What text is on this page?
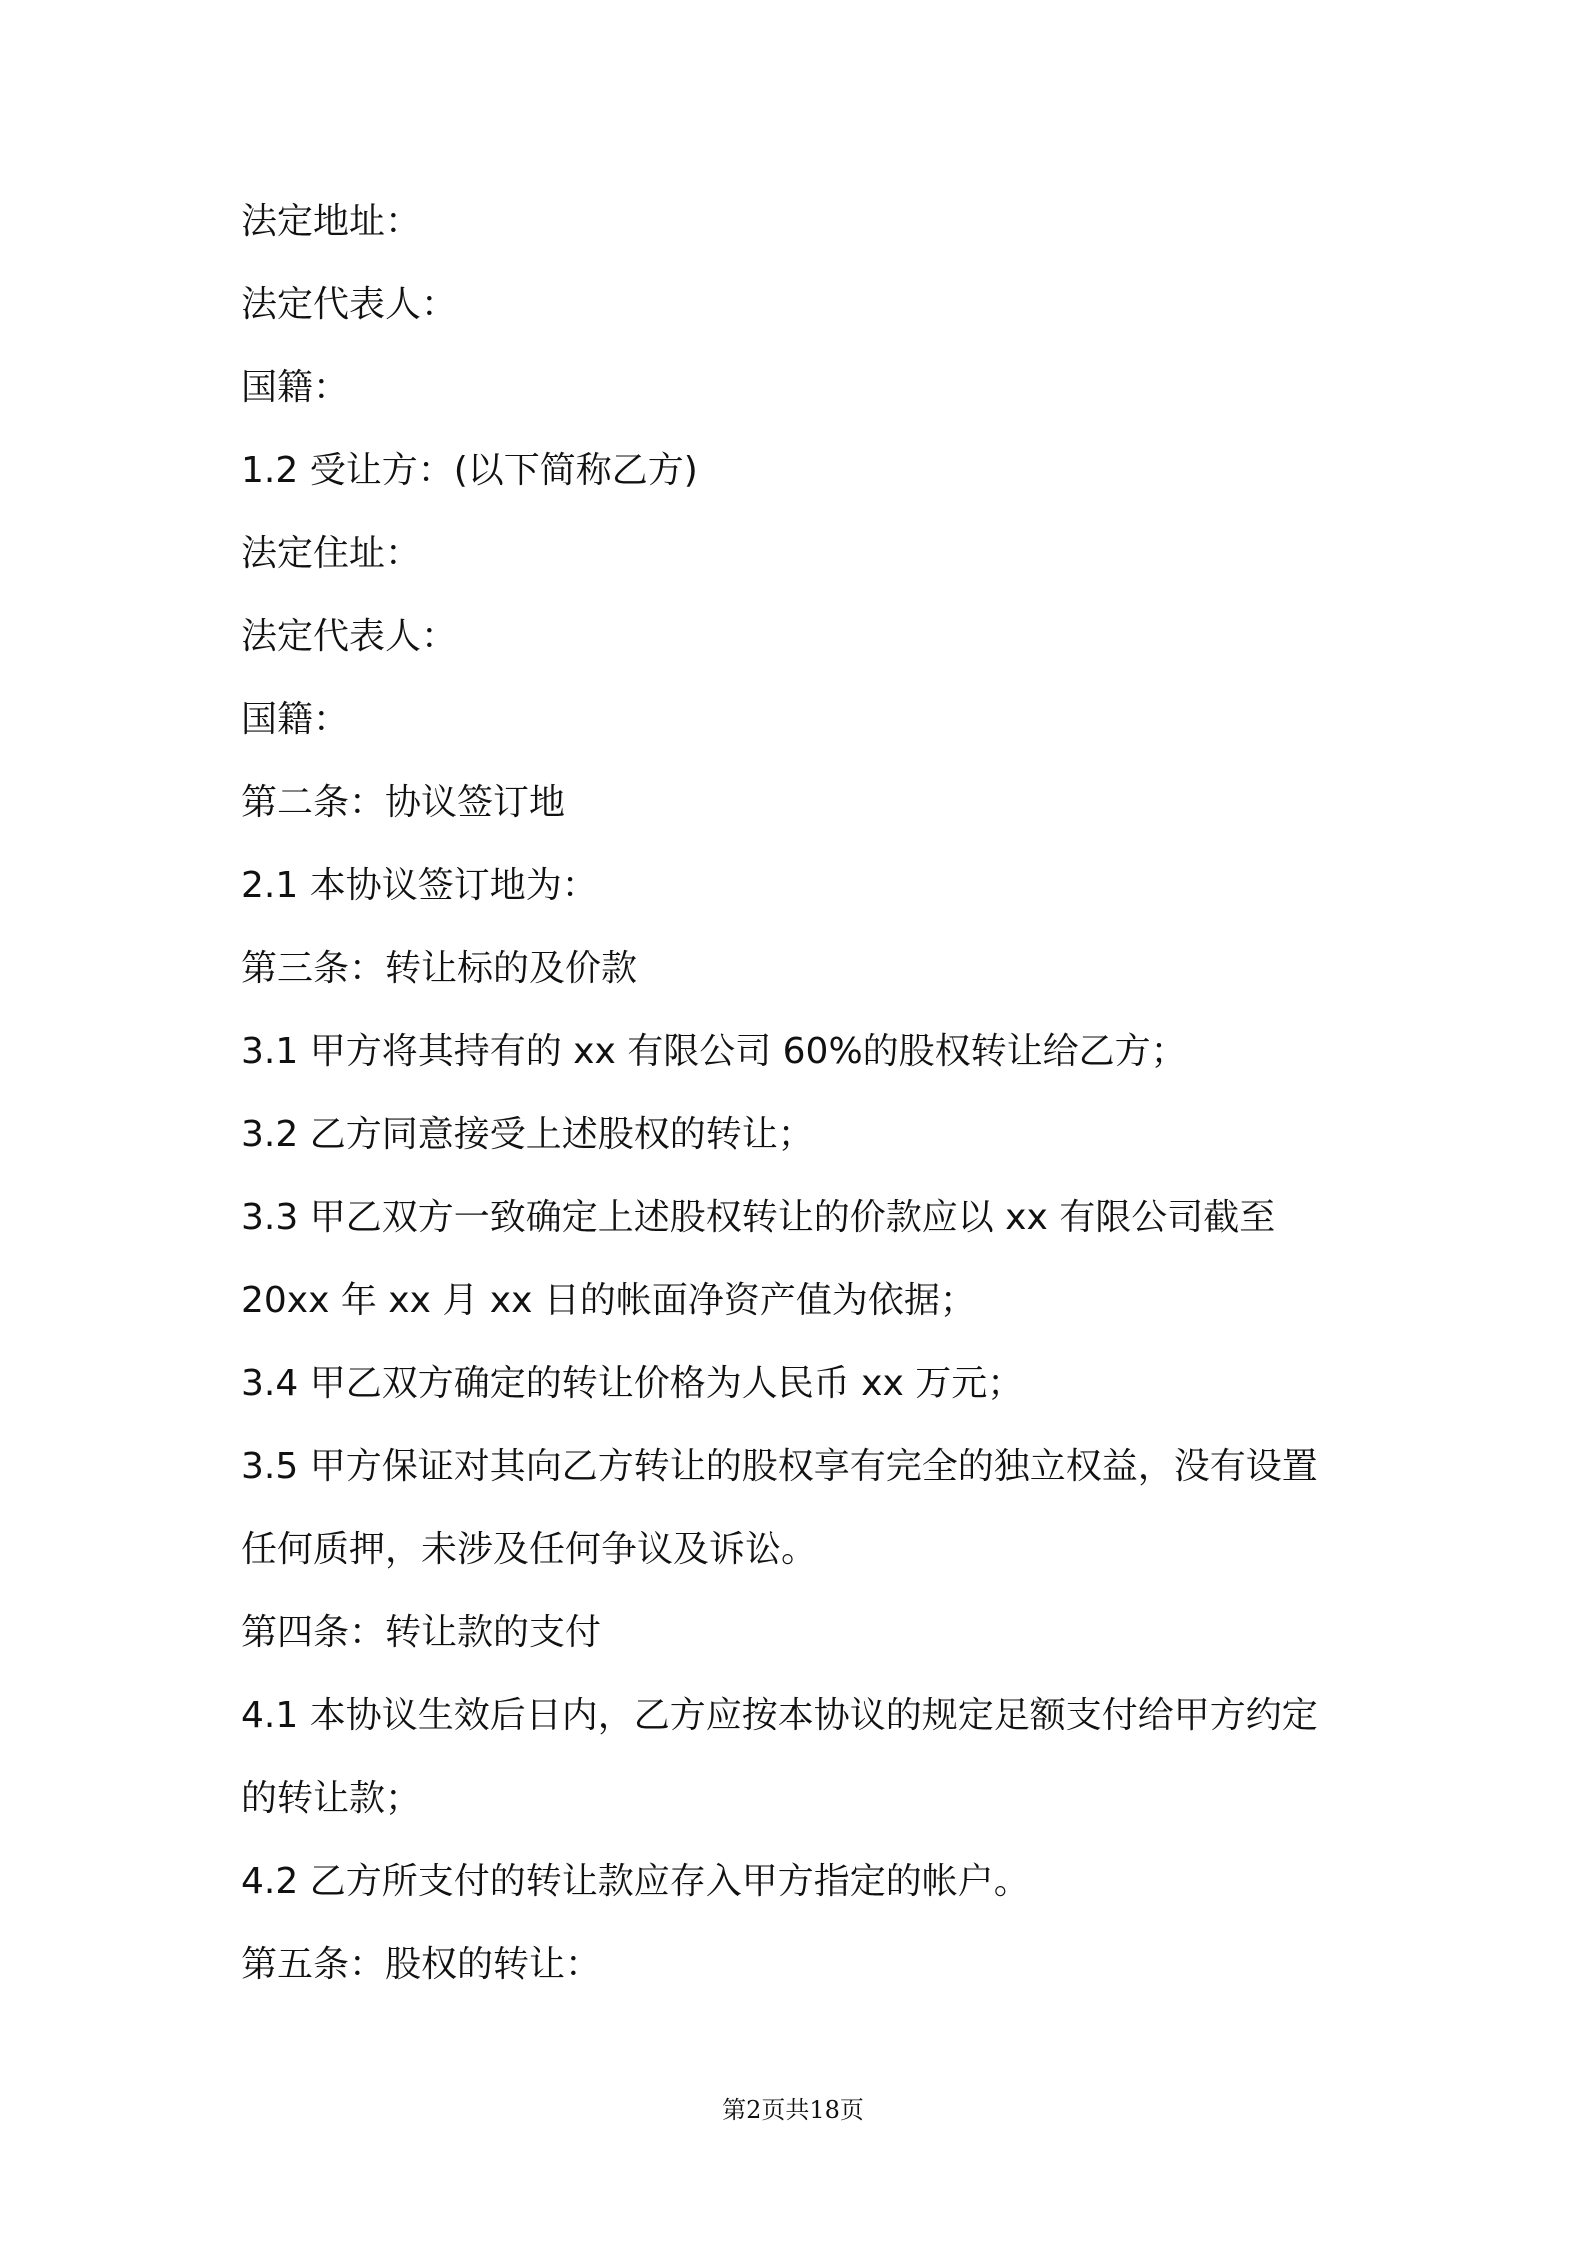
法定地址：

法定代表人：

国籍：

1.2 受让方：(以下简称乙方)

法定住址：

法定代表人：

国籍：

第二条：协议签订地

2.1 本协议签订地为：

第三条：转让标的及价款

3.1 甲方将其持有的 xx 有限公司 60%的股权转让给乙方；

3.2 乙方同意接受上述股权的转让；

3.3 甲乙双方一致确定上述股权转让的价款应以 xx 有限公司截至

20xx 年 xx 月 xx 日的帐面净资产值为依据；

3.4 甲乙双方确定的转让价格为人民币 xx 万元；

3.5 甲方保证对其向乙方转让的股权享有完全的独立权益，没有设置

任何质押，未涉及任何争议及诉讼。

第四条：转让款的支付

4.1 本协议生效后日内，乙方应按本协议的规定足额支付给甲方约定

的转让款；

4.2 乙方所支付的转让款应存入甲方指定的帐户。

第五条：股权的转让：

第2页共18页
